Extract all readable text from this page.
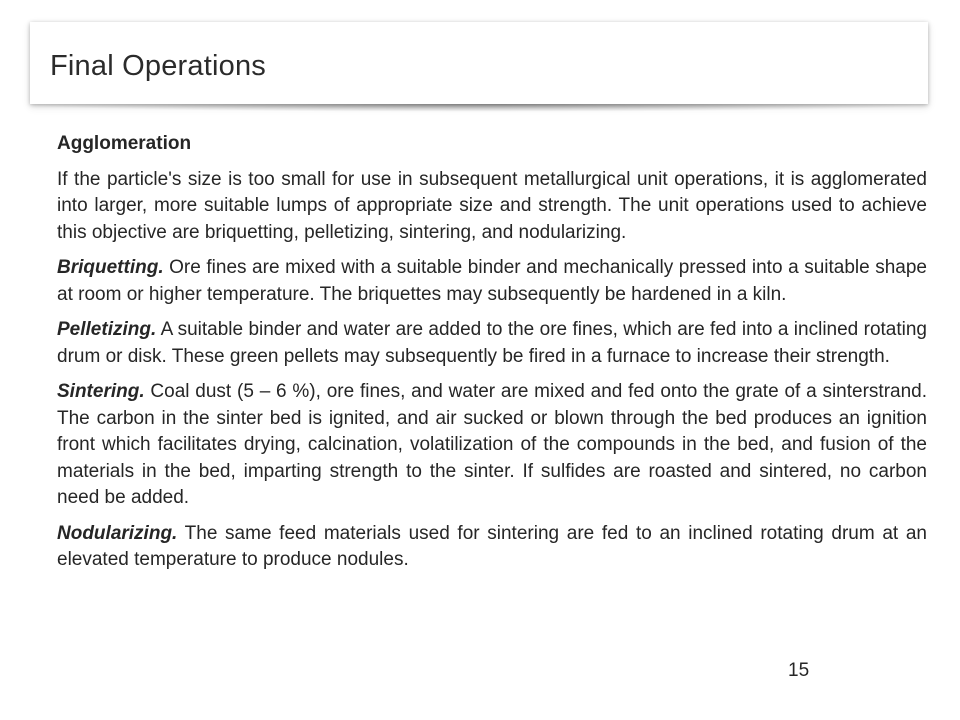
Final Operations

Agglomeration

If the particle's size is too small for use in subsequent metallurgical unit operations, it is agglomerated into larger, more suitable lumps of appropriate size and strength. The unit operations used to achieve this objective are briquetting, pelletizing, sintering, and nodularizing.

Briquetting. Ore fines are mixed with a suitable binder and mechanically pressed into a suitable shape at room or higher temperature. The briquettes may subsequently be hardened in a kiln.

Pelletizing. A suitable binder and water are added to the ore fines, which are fed into a inclined rotating drum or disk. These green pellets may subsequently be fired in a furnace to increase their strength.

Sintering. Coal dust (5 – 6 %), ore fines, and water are mixed and fed onto the grate of a sinterstrand. The carbon in the sinter bed is ignited, and air sucked or blown through the bed produces an ignition front which facilitates drying, calcination, volatilization of the compounds in the bed, and fusion of the materials in the bed, imparting strength to the sinter. If sulfides are roasted and sintered, no carbon need be added.

Nodularizing. The same feed materials used for sintering are fed to an inclined rotating drum at an elevated temperature to produce nodules.

15
